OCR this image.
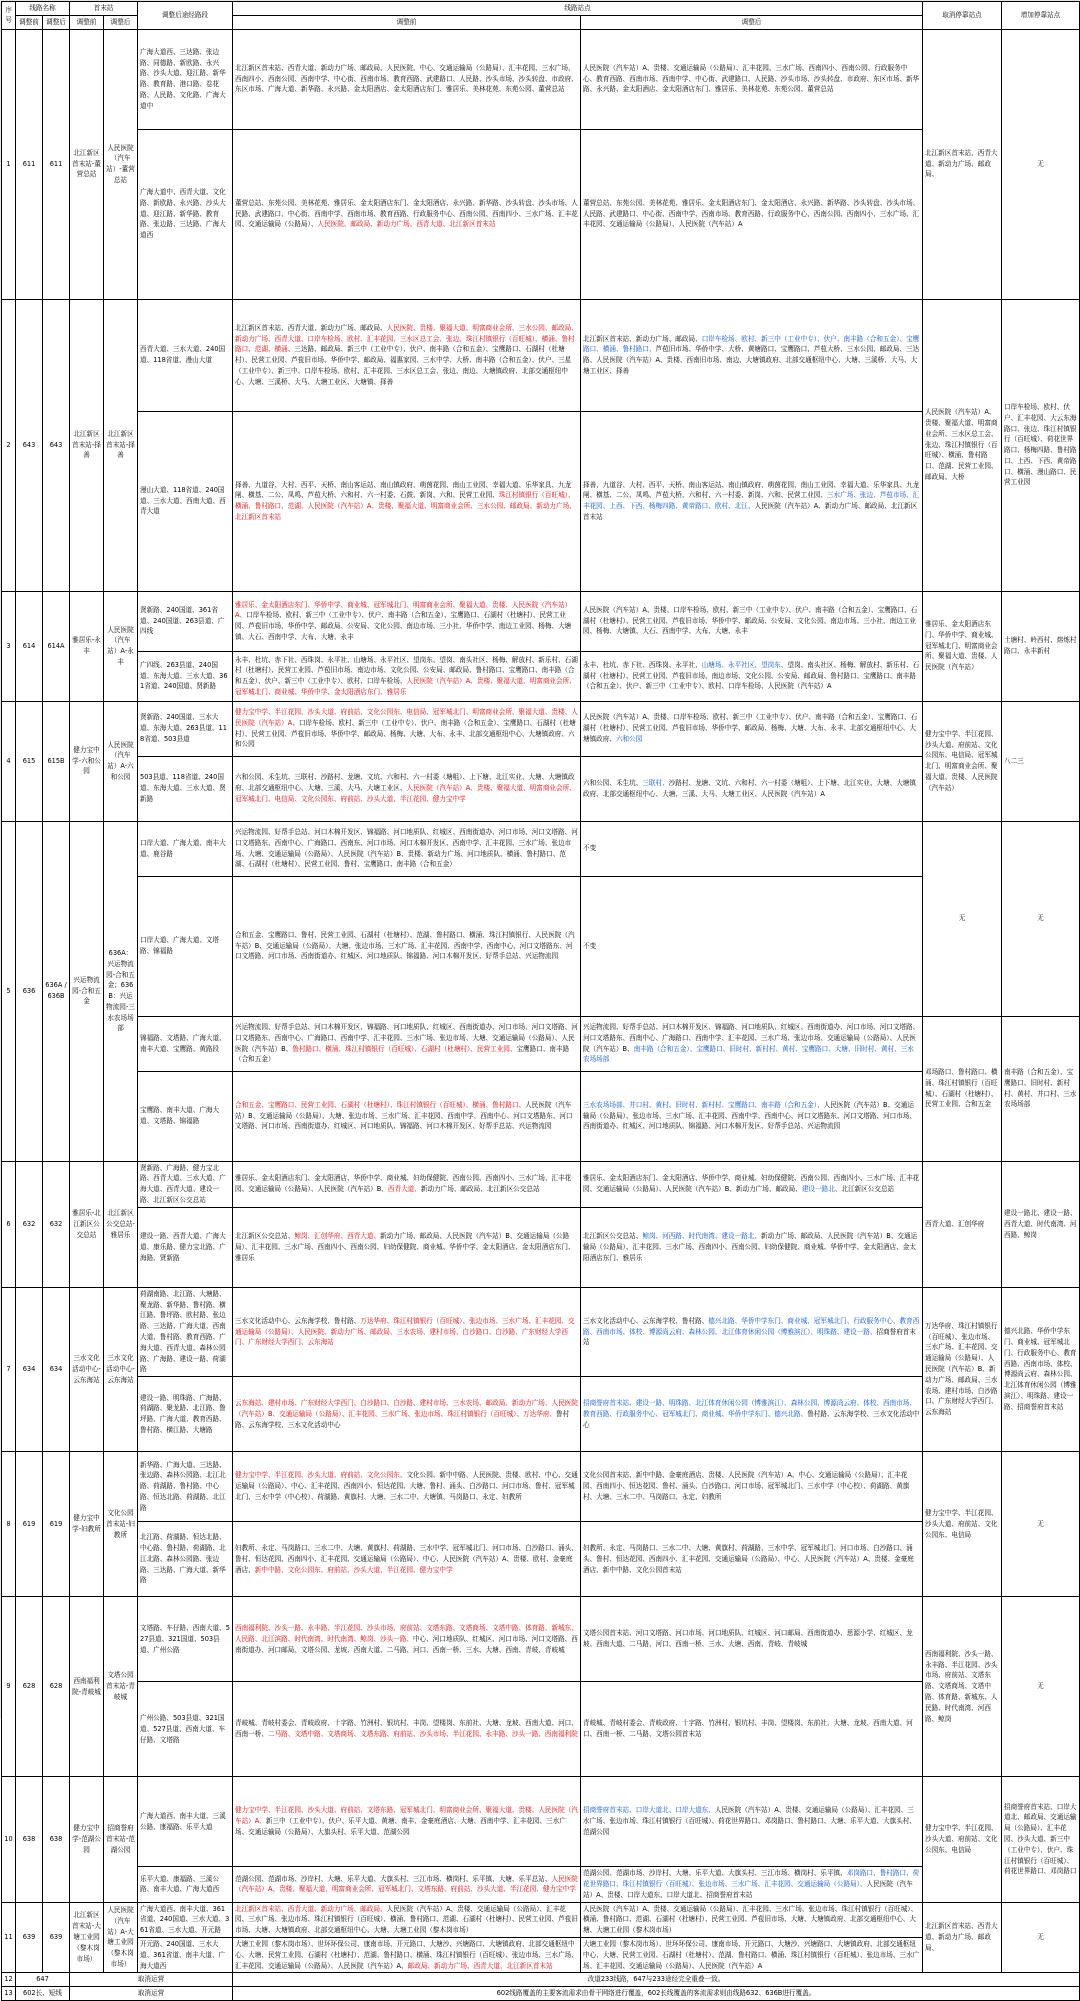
序号	线路名称		首末站		调整后途经路段	线路站点		取消停靠站点	增加停靠站点
	调整前	调整后	调整前	调整后		调整前	调整后		
1	611	611	北江新区首末站-董营总站	人民医院（汽车站）-董营总站	广海大道西、三达路、张边路、同德路、新欧路、永兴路、沙头大道、迎江路、新华路、教育路、港口路、卷花路、人民路、文化路、广海大道中	北江新区首末站、西青大道、新动力广场、邮政局、人民医院、中心、交通运输局（公路局）、汇丰花园、三水广场、西南四小、西南公园、西南中学、中心街、西南市场、教育西路、武建路口、人民路、沙头市场、沙头转盘、市政府、东区市场、广海大道、新华路、永兴路、金太阳酒店、金太阳酒店东门、雅居乐、美林花苑、东苑公园、董营总站	人民医院（汽车站）A、贵楼、交通运输局（公路局）、汇丰花园、三水广场、西南四小、西南公园、行政服务中心、教育西路、西南市场、西南中学、中心街、武建路口、人民路、沙头市场、沙头转盘、市政府、东区市场、新华路、永兴路、金太阳酒店、金太阳酒店东门、雅居乐、美林花苑、东苑公园、董营总站	北江新区首末站、西青大道、新动力广场、邮政局、	无
					广海大道中、西青大道、文化路、新欧路、永兴路、沙头大道、迎江路、新华路、教育路、张边路、三达路、广海大道西	董营总站、东苑公园、美林花苑、雅居乐、金太阳酒店东门、金太阳酒店、永兴路、新华路、沙头转盘、沙头市场、人民路、武建路口、中心街、西南中学、西南市场、教育西路、行政服务中心、西南公园、西南四小、三水广场、汇丰花园、交通运输局（公路局）、人民医院、邮政局、新动力广场、西青大道、北江新区首末站	董营总站、东苑公园、美林花苑、雅居乐、金太阳酒店东门、金太阳酒店、永兴路、新华路、沙头转盘、沙头市场、人民路、武建路口、中心街、西南中学、西南市场、教育西路、行政服务中心、西南公园、西南四小、三水广场、汇丰花园、交通运输局（公路局）、人民医院（汽车站）A		
2	643	643	北江新区首末站-择善	北江新区首末站-择善	西青大道、三水大道、240国道、118省道、漫山大道	北江新区首末站、西青大道、新动力广场、邮政局、人民医院、贵楼、聚福大道、明富商业会所、三水公园、邮政局、新动力广场、西青大道、口岸车检场、欧村、汇丰花园、三水区总工会、张边、珠江村镇银行（百旺城）、横涌、鲁村路口、范湖、横涌、三达路、邮政局、新三中（工业中专）、伏户、南丰路（合和五金）、宝鹰路口、石湖村（杜塘村）、民营工业园、芦苞旧市场、华侨中学、邮政局、福惠家园、三水中学、大桥、南丰路（合和五金）、伏户、三星（工业中专）、新三中、口岸车检场、欧村、汇丰花园、三水区总工会、张边、南边、大塘镇政府、北部交通枢纽中心、大塘、三溪桥、大马、大塘工业区、大塘镇、择善	北江新区首末站、新动力广场、邮政局、口岸车检场、欧村、新三中（工业中专）、伏户、南丰路（合和五金）、宝鹰路口、横涌、鲁村路口、芦苞旧市场、华侨中学、大桥、黄塘路口、宝鹰路口、芦苞大桥、三水公园、邮政局、三达路、人民医院（汽车站）A、贵楼、西南旧市场、南边、大塘镇政府、北部交通枢纽中心、大塘、三溪桥、大马、大塘工业区、择善	人民医院（汽车站）A、贵楼、聚福大道、明富商业会所、三水区总工会、张边、珠江村镇银行（百旺城）、横涌、鲁村路口、范湖、民营工业园、邮政局、大桥	口岸车检场、欧村、伏户、汇丰花园、大云东海路口、张边、珠江村镇银行（百旺城）、荷花世界路口、杨梅四路、鲁村路口、上西、下西、黄帝路口、横涌、漫山路口、民营工业园
					漫山大道、118省道、240国道、三水大道、西南大道、西青大道	择善、九道谷、大村、西平、天桥、南山客运站、南山镇政府、萌茵花园、南山工业园、幸福大道、乐华家具、九龙闸、横基、二公、凤鸣、芦苞大桥、六和村、六一村委、石鼓、新岗、六和、民营工业园、珠江村镇银行（百旺城）、横涌、鲁村路口、范湖、人民医院（汽车站）A、贵楼、聚福大道、明富商业会所、三水公园、邮政局、新动力广场、北江新区首末站	择善、九道谷、大村、西平、天桥、南山客运站、南山镇政府、萌茵花园、南山工业园、幸福大道、乐华家具、九龙闸、横基、二公、凤鸣、芦苞大桥、六和村、六一村委、新岗、六和、民营工业园、三水广场、张边、芦苞市场、汇丰花园、上西、下西、杨梅四路、黄帝路口、欧村、北江、人民医院（汽车站）A、新动力广场、邮政局、北江新区首末站		
3	614	614A	雅居乐-永丰	人民医院（汽车站）A-永丰	贤新路、240国道、361省道、240国道、263县道、广四线	雅居乐、金太阳酒店东门、华侨中学、商业城、冠军城北门、明富商业会所、聚福大道、贵楼、人民医院（汽车站）A、口岸车检场、欧村、新三中（工业中专）、伏户、南丰路（合和五金）、宝鹰路口、石湖村（杜塘村）、民营工业园、芦苞旧市场、华侨中学、邮政局、公安局、文化公园、南边市场、三小社、华侨中学、南边工业园、杨梅、大塘镇、大石、西南中学、大布、大塘、永丰	人民医院（汽车站）A、贵楼、口岸车检场、欧村、新三中（工业中专）、伏户、南丰路（合和五金）、宝鹰路口、石湖村（杜塘村）、民营工业园、芦苞旧市场、华侨中学、邮政局、公安局、文化公园、南边市场、三小社、南边工业园、杨梅、大塘镇、大石、西南中学、大布、大塘、永丰	雅居乐、金太阳酒店东门、华侨中学、商业城、冠军城北门、明富商业会所、聚福大道、贵楼、人民医院（汽车站）	土塘村、岭西村、熔炼村路口、永丰新村
					广四线、263县道、240国道、东海大道、三水大道、361省道、240国道、贤新路	永丰、杜坑、赤下社、西珠岗、永平社、山塘场、永平社区、望岗东、望岗、南头社区、杨梅、解放村、新乐村、石湖村（杜塘村）、民营工业园、芦苞旧市场、南边市场、文化公园、公安局、邮政局、鲁村路口、宝鹰路口、南丰路（合和五金）、伏户、新三中（工业中专）、欧村、口岸车检场、人民医院（汽车站）A、贵楼、聚福大道、明富商业会所、冠军城北门、商业城、华侨中学、金太阳酒店东门、雅居乐	永丰、杜坑、赤下社、西珠岗、永平社、山塘场、永平社区、望岗东、望岗、南头社区、杨梅、解放村、新乐村、石湖村（杜塘村）、民营工业园、芦苞旧市场、南边市场、文化公园、公安局、邮政局、鲁村路口、宝鹰路口、南丰路（合和五金）、伏户、新三中（工业中专）、欧村、口岸车检场、人民医院（汽车站）A		
4	615	615B	健力宝中学-六和公园	人民医院（汽车站）A-六和公园	贤新路、240国道、三水大道、东海大道、263县道、118省道、503县道	健力宝中学、半江花园、沙头大道、府前站、文化公园东、电信局、冠军城北门、明富商业会所、聚福大道、贵楼、人民医院（汽车站）A、口岸车检场、欧村、新三中（工业中专）、伏户、南丰路（合和五金）、宝鹰路口、石湖村（杜塘村）、民营工业园、芦苞旧市场、华侨中学、邮政局、杨梅、大塘、大布、永丰、北部交通枢纽中心、大塘镇政府、六和公园	人民医院（汽车站）A、贵楼、口岸车检场、欧村、新三中（工业中专）、伏户、南丰路（合和五金）、宝鹰路口、石湖村（杜塘村）、民营工业园、芦苞旧市场、华侨中学、邮政局、杨梅、大塘、大布、永丰、北部交通枢纽中心、大塘镇政府、六和公园	健力宝中学、半江花园、沙头大道、府前站、文化公园东、电信局、冠军城北门、明富商业会所、聚福大道、贵楼、人民医院（汽车站）	八二三
					503县道、118省道、240国道、东海大道、三水大道、贤新路	六和公园、禾生坑、三联村、沙路村、龙塘、文坑、六和村、六一村委（塘咀）、上下塘、北江实业、大塘、大塘镇政府、北部交通枢纽中心、大塘、三溪、大马、大塘工业区、人民医院（汽车站）A、贵楼、聚福大道、明富商业会所、冠军城北门、电信局、文化公园东、府前站、沙头大道、半江花园、健力宝中学	六和公园、禾生坑、三联村、沙路村、龙塘、文坑、六和村、六一村委（塘咀）、上下塘、北江实业、大塘、大塘镇政府、北部交通枢纽中心、大塘、三溪、大马、大塘工业区、人民医院（汽车站）A		
5	636	636A / 636B	兴运物流园-合和五金	636A：兴运物流园-合和五金；636B：兴运物流园-三水农场场部	口岸大道、广海大道、南丰大道、鹿谷路	兴运物流园、好帮手总站、河口木棉开发区、锦福路、河口地质队、红城区、西南街道办、河口市场、河口文塔路、河口文塔路东、西南中心、广海路口、西南东、河口市场、河口木棉开发区、西南中学、汇丰花园、三水广场、张边市场、大塘、交通运输局（公路局）、人民医院（汽车站）B、贵楼、新动力广场、河口地质队、横涌、鲁村路口、范湖、石湖村（杜塘村）、民营工业园、鲁村、宝鹰路口、南丰路（合和五金）	不变	无	无
					口岸大道、广海大道、文塔路、锦福路	合和五金、宝鹰路口、鲁村、民营工业园、石湖村（杜塘村）、范湖、鲁村路口、横涌、珠江村镇银行、人民医院（汽车站）B、交通运输局（公路局）、大塘、张边市场、三水广场、汇丰花园、西南中学、西南中心、河口文塔路东、河口文塔路、河口市场、西南街道办、红城区、河口地质队、锦福路、河口木棉开发区、好帮手总站、兴运物流园	不变		
					锦福路、文塔路、广海大道、南丰大道、宝鹰路、黄路段	兴运物流园、好帮手总站、河口木棉开发区、锦福路、河口地质队、红城区、西南街道办、河口市场、河口文塔路、河口文塔路东、西南中心、广海路口、西南中学、汇丰花园、三水广场、张边市场、大塘、交通运输局（公路局）、人民医院（汽车站）B、鲁村路口、横涌、珠江村镇银行（百旺城）、石湖村（杜塘村）、民营工业园、宝鹰路口、南丰路（合和五金）	兴运物流园、好帮手总站、河口木棉开发区、锦福路、河口地质队、红城区、西南街道办、河口市场、河口文塔路、河口文塔路东、西南中心、广海路口、西南中学、汇丰花园、三水广场、张边市场、交通运输局（公路局）、人民医院（汽车站）B、南丰路（合和五金）、宝鹰路口、旧时村、新村村、黄村、宝鹰路口、大塘、旧时村、黄村、三水农场场部	邓场路口、鲁村路口、横涌、珠江村镇银行（百旺城）、石湖村（杜塘村）、民营工业园、合和五金	南丰路（合和五金）、宝鹰路口、旧时村、新村村、黄村、井口村、三水农场场部
					宝鹰路、南丰大道、广海大道、文塔路、锦福路	合和五金、宝鹰路口、民营工业园、石湖村（杜塘村）、珠江村镇银行（百旺城）、横涌、鲁村路口、人民医院（汽车站）B、交通运输局（公路局）、大塘、张边市场、三水广场、汇丰花园、西南中学、西南中心、河口文塔路东、河口文塔路、河口市场、西南街道办、红城区、河口地质队、锦福路、河口木棉开发区、好帮手总站、兴运物流园	三水农场场部、井口村、黄村、旧时村、新村村、宝鹰路口、南丰路（合和五金）、人民医院（汽车站）B、交通运输局（公路局）、张边市场、三水广场、汇丰花园、西南中学、西南中心、河口文塔路东、河口文塔路、河口市场、西南街道办、红城区、河口地质队、锦福路、河口木棉开发区、好帮手总站、兴运物流园		
6	632	632	雅居乐-北江新区公交总站	北江新区公交总站-雅居乐	贤新路、广海路、健力宝北路、西青大道、三水大道、广海大道、西青大道、建设一路、北江新区公交总站	雅居乐、金太阳酒店东门、金太阳酒店、华侨中学、商业城、妇幼保健院、西南公园、西南四小、三水广场、汇丰花园、交通运输局（公路局）、人民医院（汽车站）B、西青大道、新动力广场、邮政局、北江新区公交总站	雅居乐、金太阳酒店东门、金太阳酒店、华侨中学、商业城、妇幼保健院、西南公园、西南四小、三水广场、汇丰花园、交通运输局（公路局）、人民医院（汽车站）B、新动力广场、邮政局、建设一路北、北江新区公交总站	西青大道、汇创华府	建设一路北、建设一路、西青大道、时代南湾、河西路、鲸岗
					建设一路、西青大道、广海大道、康乐路、健力宝北路、广海路、贤新路	北江新区公交总站、鲸岗、汇创华府、西青大道、新动力广场、邮政局、人民医院（汽车站）B、交通运输局（公路局）、汇丰花园、三水广场、西南四小、西南公园、妇幼保健院、商业城、华侨中学、金太阳酒店、金太阳酒店东门、雅居乐	北江新区公交总站、鲸岗、河西路、时代南湾、建设一路北、新动力广场、邮政局、人民医院（汽车站）B、交通运输局（公路局）、汇丰花园、三水广场、西南四小、西南公园、妇幼保健院、商业城、华侨中学、金太阳酒店、金太阳酒店东门、雅居乐		
7	634	634	三水文化活动中心-云东海站	三水文化活动中心-云东海站	荷湖南路、北江路、大塘路、聚龙路、新华路、鲁村路、横江路、鲁坪路、欧村路、张边路、三达路、广海大道、西南大道、鲁村路、教育西路、广海大道、西青大道、森林公园路、广海路、建设一路、荷湖路	三水文化活动中心、云东海学校、鲁村路、万达华府、珠江村镇银行（百旺城）、张边市场、三水广场、汇丰花园、交通运输局（公路局）、人民医院、新动力广场、邮政局、三水农场、建村市场、白沙路口、白沙路、广东财经大学西门、广东财经大学西门、云东海站	三水文化活动中心、云东海学校、鲁村路、德兴北路、华侨中学东门、商业城、冠军城北门、行政服务中心、教育西路、西南市场、体校、博源尚云府、森林公园、北江体育休闲公园（博雅滨江）、明珠路、建设一路、招商誉府首末站	万达华府、珠江村镇银行（百旺城）、张边市场、三水广场、汇丰花园、交通运输局（公路局）、人民医院（汽车站）B、新动力广场、邮政局、三水农场、建村市场、白沙路口、广东财经大学西门、云东海站	德兴北路、华侨中学东门、商业城、冠军城北门、行政服务中心、教育西路、西南市场、体校、博源尚云府、森林公园、北江体育休闲公园（博雅滨江）、明珠路、建设一路、招商誉府首末站
					建设一路、明珠路、广海路、荷湖路、聚龙路、北江路、鲁坪路、广海大道、教育西路、鲁村路、横江路、大塘路	云东海站、建村市场、广东财经大学西门、白沙路口、白沙路、建村市场、三水农场、邮政局、新动力广场、人民医院（汽车站）B、交通运输局（公路局）、汇丰花园、三水广场、张边市场、珠江村镇银行（百旺城）、万达华府、鲁村路、云东海学校、三水文化活动中心	招商誉府首末站、建设一路、明珠路、北江体育休闲公园（博雅滨江）、森林公园、博源尚云府、体校、西南市场、教育西路、行政服务中心、冠军城北门、商业城、华侨中学东门、德兴北路、鲁村路、云东海学校、三水文化活动中心		
8	619	619	健力宝中学-妇教所	文化公园首末站-妇教所	新华路、广海大道、三达路、张边路、森林公园路、北江北路、荷湖路、鲁村路、中心路、恒达北路、荷湖路、北江路	健力宝中学、半江花园、沙头大道、府前站、文化公园东、文化公园、新中中路、人民医院、贵楼、欧村、中心、交通运输局（公路局）、中心、汇丰花园、西南四小、恒达花园、大塘、鲁村、涌头、白沙路口、河口市场、鲁村、冠军城北门、三水中学（中心校）、荷湖路、黄旗村、大塘、三水二中、大塘镇、马岗路口、永定、妇教所	文化公园首末站、新中中路、金豪庭酒店、贵楼、人民医院（汽车站）A、中心、交通运输局（公路局）、汇丰花园、西南四小、恒达花园、鲁村、涌头、白沙路口、河口市场、冠军城北门、三水中学（中心校）、荷湖路、黄旗村、大塘、三水二中、马岗路口、永定、妇教所	健力宝中学、半江花园、沙头大道、府前站、文化公园东、电信局	无
					北江路、荷湖路、恒达北路、中心路、鲁村路、荷湖路、北江北路、森林公园路、张边路、三达路、广海大道、新华路	妇教所、永定、马岗路口、三水二中、大塘、黄旗村、荷湖路、三水中学、冠军城北门、河口市场、白沙路口、涌头、鲁村、恒达花园、西南四小、汇丰花园、交通运输局（公路局）、中心、人民医院（汽车站）A、贵楼、欧村、金豪庭酒店、新中中路、文化公园东、府前站、沙头大道、半江花园、健力宝中学	妇教所、永定、马岗路口、三水二中、大塘、黄旗村、荷湖路、三水中学、冠军城北门、河口市场、白沙路口、涌头、鲁村、恒达花园、西南四小、汇丰花园、交通运输局（公路局）、中心、人民医院（汽车站）A、贵楼、金豪庭酒店、新中中路、文化公园首末站		
9	628	628	西南福利院-青岐城	文塔公园首末站-青岐城	文塔路、车仔路、西南大道、527县道、321国道、503县道、广州公路	西南福利院、沙头一路、永丰路、半江花园、沙头市场、府前站、文塔东路、文塔商场、文塔中路、体育路、新城东、人民路、北江滨路、时代南湾、时代南湾、鲸岗、沙头一路、中心、河口地质队、红城区、河口市场、河口文塔路、西南街道办、河口邮局、文塔公园、龙坡、西南大道、二马路、河口、西南一桥、三水、大塘、西南、青岐、青岐城	文塔公园首末站、河口文塔路、河口市场、河口地质队、红城区、河口邮局、西南街道办、思源小学、红城区、龙坡、西南大道、二马路、河口、西南一桥、三水、大塘、西南、青岐、青岐城	西南福利院、沙头一路、永丰路、半江花园、沙头市场、府前站、文塔东路、文塔商场、文塔中路、体育路、新城东、人民路、时代南湾、河西路、鲸岗	无
					广州公路、503县道、321国道、527县道、西南大道、车仔路、文塔路	青岐城、青岐村委会、青岐政府、十字路、竹洲村、银坑村、丰岗、望楼岗、东前社、大塘、龙坡、西南大道、河口、西南一桥、二马路、文塔中路、文塔商场、文塔东路、府前站、沙头市场、半江花园、永丰路、沙头一路、西南福利院	青岐城、青岐村委会、青岐政府、十字路、竹洲村、银坑村、丰岗、望楼岗、东前社、大塘、龙坡、西南大道、河口、西南一桥、二马路、文塔公园首末站		
10	638	638	健力宝中学-范湖公园	招商誉府首末站-范湖公园	广海大道西、南丰大道、三溪公路、康福路、乐平大道	健力宝中学、半江花园、沙头大道、府前站、文塔东路、冠军城北门、明富商业会所、聚福大道、贵楼、人民医院（汽车站）A、新三中（工业中专）、伏户、乐平大道、黄塘、南丰、金豪庭酒店、大塘、西南中学、汇丰花园、三水广场、交通运输局（公路局）、大旗头村、乐平大道、范湖公园	招商誉府首末站、口岸大道北、口岸大道东、人民医院（汽车站）A、贵楼、交通运输局（公路局）、汇丰花园、三水广场、张边市场、珠江村镇银行（百旺城）、荷花世界路口、邓岗路口、鲁村路口、大塘、乐平大道、大旗头村、范湖公园	健力宝中学、半江花园、沙头大道、府前站、文化公园东、电信局	招商誉府首末站、口岸大道北、邮政局、交通运输局（公路局）、汇丰花园、沙头大道、新三中（工业中专）、伏户、珠江村镇银行（百旺城）、荷花世界路口、邓岗路口
					乐平大道、康福路、三溪公路、南丰大道、广海大道西	范湖公园、范湖市场、沙岸村、大塘、乐平大道、大旗头村、三江市场、横岗村、乐平镇、大塘、乐平总站、人民医院（汽车站）A、贵楼、聚福大道、明富商业会所、冠军城北门、文塔东路、府前站、沙头大道、半江花园、健力宝中学	范湖公园、范湖市场、沙岸村、大塘、乐平大道、大旗头村、三江市场、横岗村、乐平镇、邓岗路口、鲁村路口、荷花世界路口、珠江村镇银行（百旺城）、张边市场、三水广场、汇丰花园、交通运输局（公路局）、人民医院（汽车站）A、贵楼、口岸大道东、口岸大道北、招商誉府首末站		
11	639	639	北江新区首末站-大塘工业园（黎木岗市场）	人民医院（汽车站）A-大塘工业园（黎木岗市场）	广海大道西、南丰大道、361省道、240国道、三水大道、361省道、三水大道、开元路	北江新区首末站、西青大道、新动力广场、邮政局、人民医院（汽车站）A、贵楼、交通运输局（公路局）、汇丰花园、三水广场、张边市场、珠江村镇银行（百旺城）、横涌、鲁村路口、范湖、石湖村（杜塘村）、民营工业园、芦苞旧市场、大塘、大塘镇政府、北部交通枢纽中心、大塘、大塘工业园（黎木岗市场）	人民医院（汽车站）A、贵楼、交通运输局（公路局）、汇丰花园、三水广场、张边市场、珠江村镇银行（百旺城）、横涌、鲁村路口、范湖、石湖村（杜塘村）、民营工业园、芦苞旧市场、大塘、大塘镇政府、北部交通枢纽中心、大塘、大塘工业园（黎木岗市场）	北江新区首末站、西青大道、新动力广场、邮政局、	无
					开元路、240国道、三水大道、361省道、南丰大道、广海大道西	大塘工业园（黎木岗市场）、世环环保公司、康南市场、开元路口、大塘沙、兴塘路口、大塘镇政府、北部交通枢纽中心、大塘、民营工业园、石湖村（杜塘村）、范湖、鲁村路口、横涌、珠江村镇银行（百旺城）、张边市场、三水广场、汇丰花园、交通运输局（公路局）、人民医院（汽车站）A、邮政局、新动力广场、西青大道、北江新区首末站	大塘工业园（黎木岗市场）、世环环保公司、康南市场、开元路口、大塘沙、兴塘路口、大塘镇政府、北部交通枢纽中心、大塘、民营工业园、石湖村（杜塘村）、范湖、鲁村路口、横涌、珠江村镇银行（百旺城）、张边市场、三水广场、汇丰花园、交通运输局（公路局）、人民医院（汽车站）A		
12	647		取消运营			改道233线路，647与233途经完全重叠一致。			
13	602长、短线		取消运营			602线路覆盖的主要客流需求由骨干网络进行覆盖，602长线覆盖的客流需求则由线路632、636B进行覆盖。			
